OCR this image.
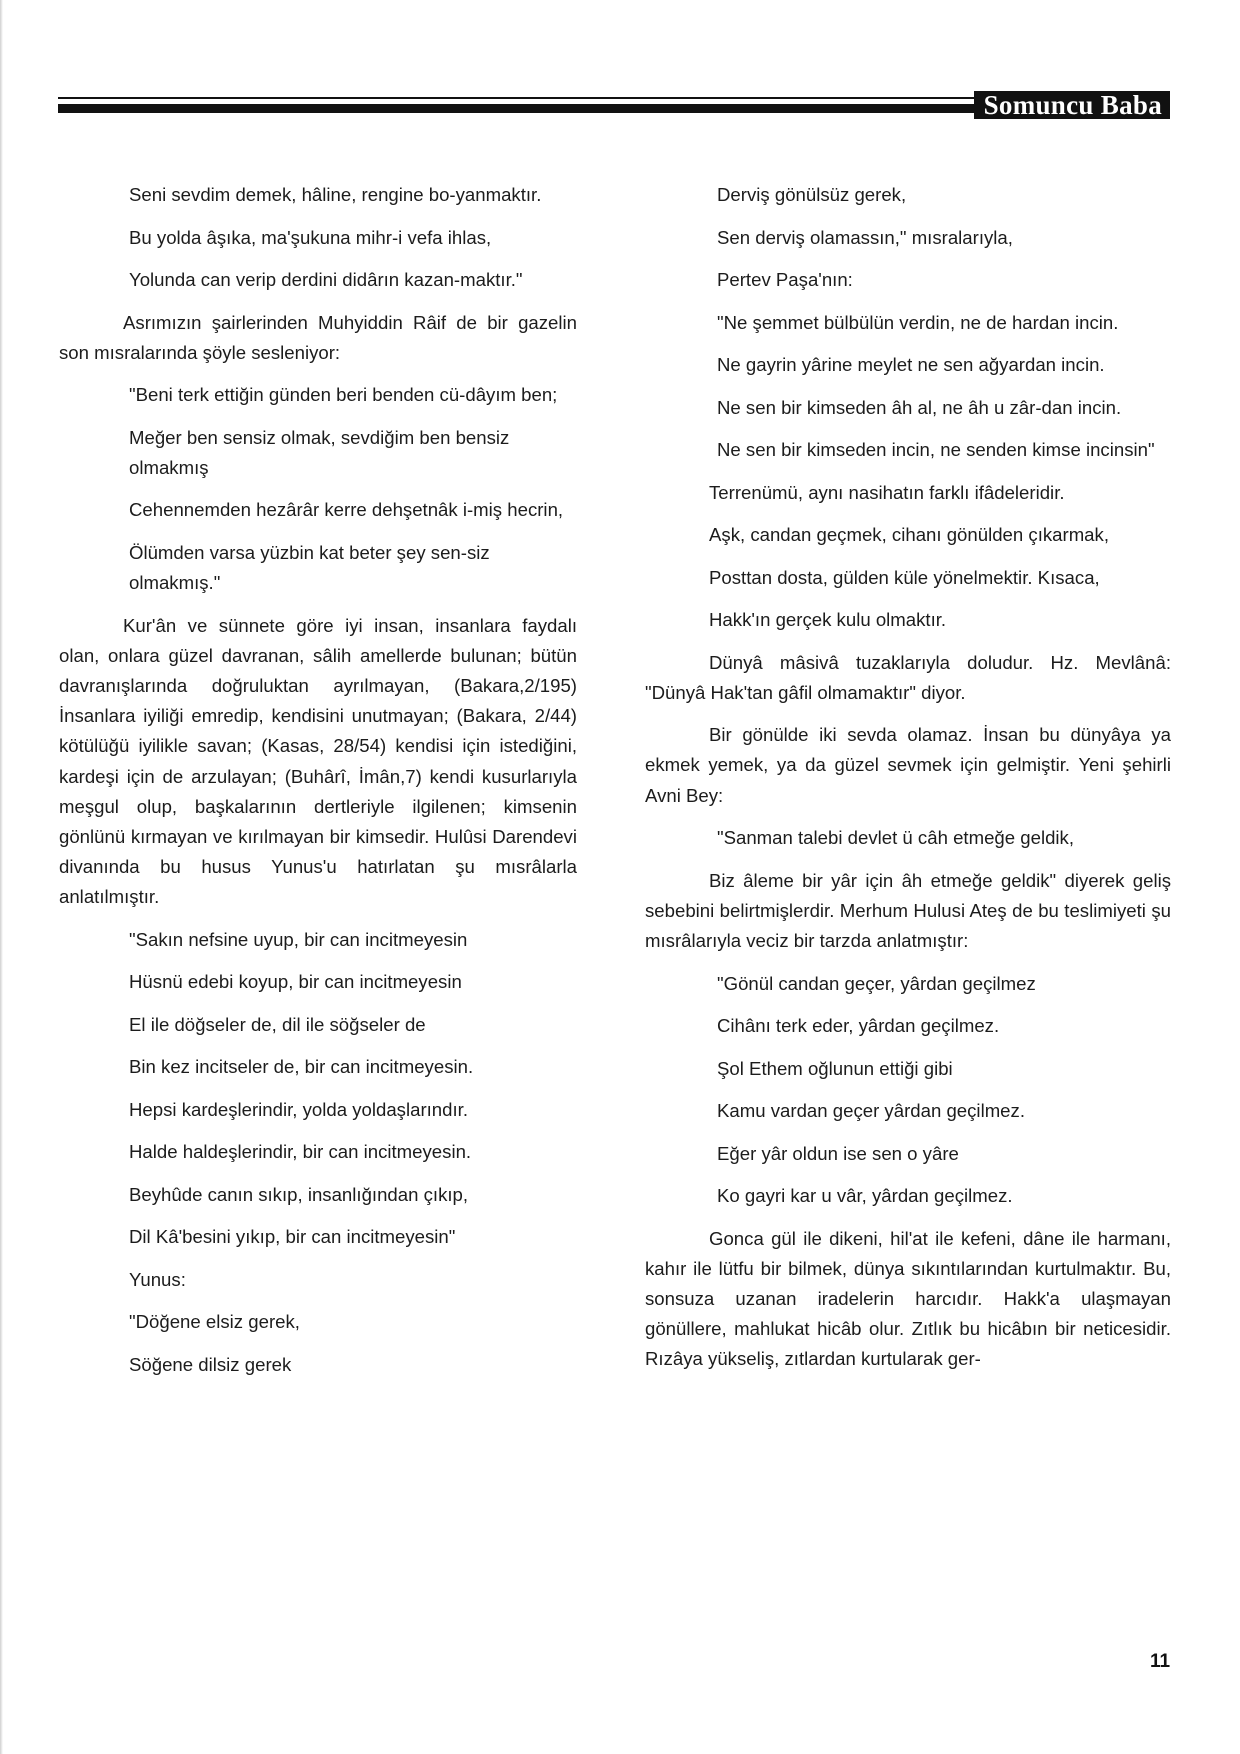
Somuncu Baba

Seni sevdim demek, hâline, rengine bo-yanmaktır.

Bu yolda âşıka, ma'şukuna mihr-i vefa ihlas,

Yolunda can verip derdini didârın kazan-maktır."

Asrımızın şairlerinden Muhyiddin Râif de bir gazelin son mısralarında şöyle sesleniyor:

"Beni terk ettiğin günden beri benden cü-dâyım ben;

Meğer ben sensiz olmak, sevdiğim ben bensiz olmakmış

Cehennemden hezârâr kerre dehşetnâk i-miş hecrin,

Ölümden varsa yüzbin kat beter şey sen-siz olmakmış."

Kur'ân ve sünnete göre iyi insan, insanlara faydalı olan, onlara güzel davranan, sâlih amellerde bulunan; bütün davranışlarında doğruluktan ayrılmayan, (Bakara,2/195) İnsanlara iyiliği emredip, kendisini unutmayan; (Bakara, 2/44) kötülüğü iyilikle savan; (Kasas, 28/54) kendisi için istediğini, kardeşi için de arzulayan; (Buhârî, İmân,7) kendi kusurlarıyla meşgul olup, başkalarının dertleriyle ilgilenen; kimsenin gönlünü kırmayan ve kırılmayan bir kimsedir. Hulûsi Darendevi divanında bu husus Yunus'u hatırlatan şu mısrâlarla anlatılmıştır.

"Sakın nefsine uyup, bir can incitmeyesin

Hüsnü edebi koyup, bir can incitmeyesin

El ile döğseler de, dil ile söğseler de

Bin kez incitseler de, bir can incitmeyesin.

Hepsi kardeşlerindir, yolda yoldaşlarındır.

Halde haldeşlerindir, bir can incitmeyesin.

Beyhûde canın sıkıp, insanlığından çıkıp,

Dil Kâ'besini yıkıp, bir can incitmeyesin"

Yunus:

"Döğene elsiz gerek,

Söğene dilsiz gerek

Derviş gönülsüz gerek,

Sen derviş olamassın," mısralarıyla,

Pertev Paşa'nın:

"Ne şemmet bülbülün verdin, ne de hardan incin.

Ne gayrin yârine meylet ne sen ağyardan incin.

Ne sen bir kimseden âh al, ne âh u zâr-dan incin.

Ne sen bir kimseden incin, ne senden kimse incinsin"

Terrenümü, aynı nasihatın farklı ifâdeleridir.

Aşk, candan geçmek, cihanı gönülden çıkarmak,

Posttan dosta, gülden küle yönelmektir. Kısaca,

Hakk'ın gerçek kulu olmaktır.

Dünyâ mâsivâ tuzaklarıyla doludur. Hz. Mevlânâ: "Dünyâ Hak'tan gâfil olmamaktır" diyor.

Bir gönülde iki sevda olamaz. İnsan bu dünyâya ya ekmek yemek, ya da güzel sevmek için gelmiştir. Yeni şehirli Avni Bey:

"Sanman talebi devlet ü câh etmeğe geldik,

Biz âleme bir yâr için âh etmeğe geldik" diyerek geliş sebebini belirtmişlerdir. Merhum Hulusi Ateş de bu teslimiyeti şu mısrâlarıyla veciz bir tarzda anlatmıştır:

"Gönül candan geçer, yârdan geçilmez

Cihânı terk eder, yârdan geçilmez.

Şol Ethem oğlunun ettiği gibi

Kamu vardan geçer yârdan geçilmez.

Eğer yâr oldun ise sen o yâre

Ko gayri kar u vâr, yârdan geçilmez.

Gonca gül ile dikeni, hil'at ile kefeni, dâne ile harmanı, kahır ile lütfu bir bilmek, dünya sıkıntılarından kurtulmaktır. Bu, sonsuza uzanan iradelerin harcıdır. Hakk'a ulaşmayan gönüllere, mahlukat hicâb olur. Zıtlık bu hicâbın bir neticesidir. Rızâya yükseliş, zıtlardan kurtularak ger-

11
